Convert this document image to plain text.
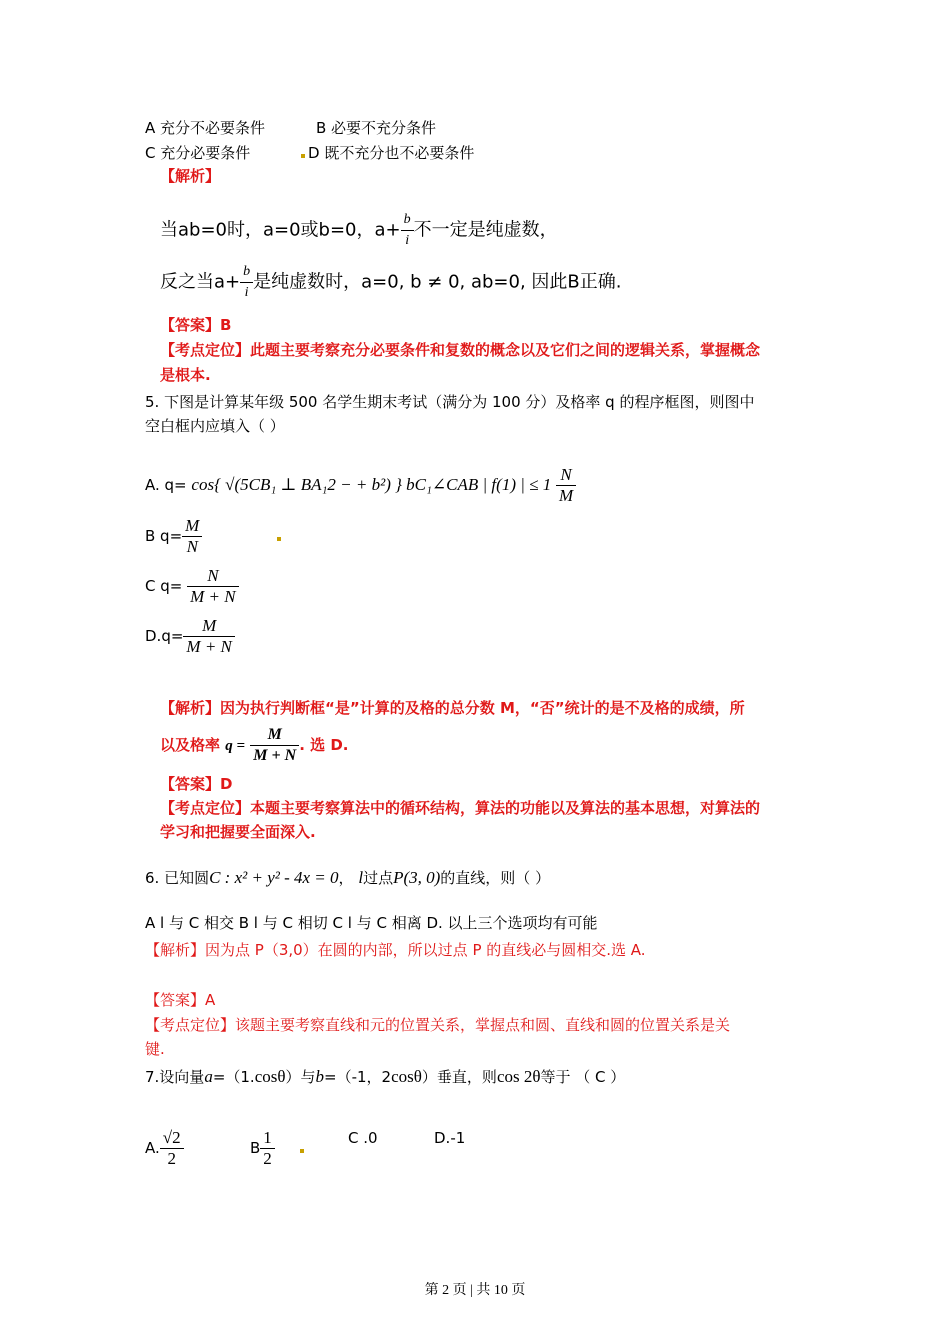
A 充分不必要条件	B 必要不充分条件
C 充分必要条件	D 既不充分也不必要条件
【解析】
当ab=0时，a=0或b=0，$a+ \frac{b}{i}$ 不一定是纯虚数，
反之当$a+ \frac{b}{i}$ 是纯虚数时，a=0, b ≠ 0, ab=0, 因此B正确.
【答案】B
【考点定位】此题主要考察充分必要条件和复数的概念以及它们之间的逻辑关系，掌握概念
是根本.
5. 下图是计算某年级 500 名学生期末考试（满分为 100 分）及格率 q 的程序框图，则图中
空白框内应填入（ ）
A. q= cos{ √(5CB₁ ⊥ BA₁2 − + b²) } bC₁∠CAB | f(1) | ≤ $1 \frac{N}{M}$
B $q= \frac{M}{N}$

C $q= \frac{N}{M + N}$
$D.q= \frac{M}{M + N}$
【解析】因为执行判断框“是”计算的及格的总分数 M，“否”统计的是不及格的成绩，所
以及格率 $q = \frac{M}{M + N}$ . 选 D.
【答案】D
【考点定位】本题主要考察算法中的循环结构，算法的功能以及算法的基本思想，对算法的
学习和把握要全面深入.
6. 已知圆C : x² + y² - 4x = 0， l过点P(3, 0)的直线，则（ ）
A l 与 C 相交 B l 与 C 相切 C l 与 C 相离 D. 以上三个选项均有可能
【解析】因为点 P（3,0）在圆的内部，所以过点 P 的直线必与圆相交.选 A.
【答案】A
【考点定位】该题主要考察直线和元的位置关系，掌握点和圆、直线和圆的位置关系是关
键.
7.设向量a=（1.cosθ）与b=（-1，2cosθ）垂直，则cos 2θ等于 （ C ）
A. $\frac{√2}{2}$	B $\frac{1}{2}$
	C .0	D.-1
第 2 页 | 共 10 页
